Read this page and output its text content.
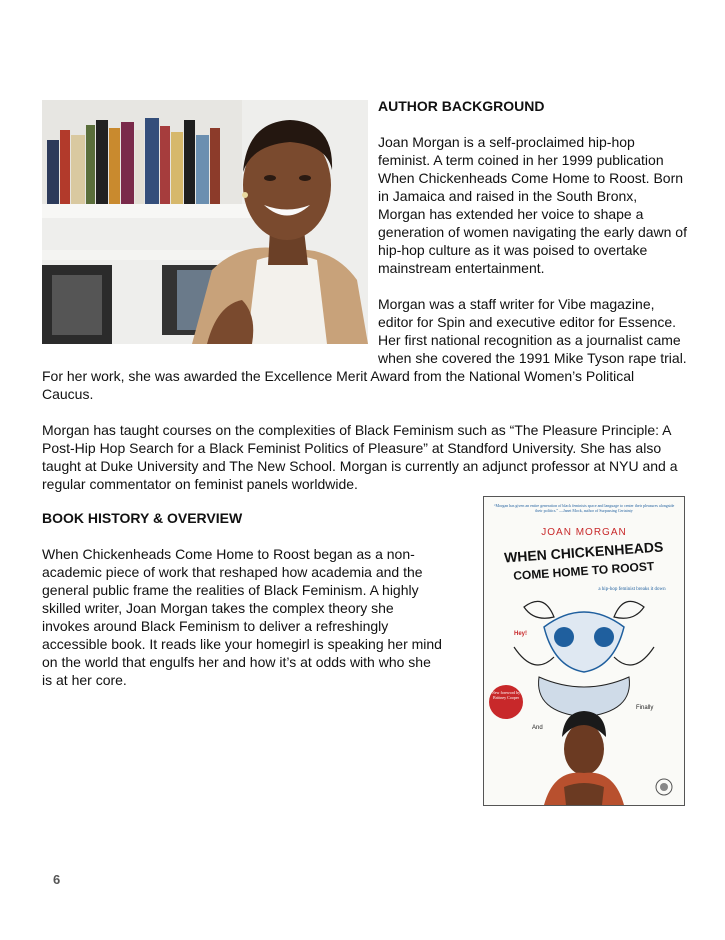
AUTHOR BACKGROUND

Joan Morgan is a self-proclaimed hip-hop feminist. A term coined in her 1999 publication When Chickenheads Come Home to Roost. Born in Jamaica and raised in the South Bronx, Morgan has extended her voice to shape a generation of women navigating the early dawn of hip-hop culture as it was poised to overtake mainstream entertainment.

Morgan was a staff writer for Vibe magazine, editor for Spin and executive editor for Essence. Her first national recognition as a journalist came when she covered the 1991 Mike Tyson rape trial. For her work, she was awarded the Excellence Merit Award from the National Women’s Political Caucus.

Morgan has taught courses on the complexities of Black Feminism such as “The Pleasure Principle: A Post-Hip Hop Search for a Black Feminist Politics of Pleasure” at Standford University. She has also taught at Duke University and The New School. Morgan is currently an adjunct professor at NYU and a regular commentator on feminist panels worldwide.

BOOK HISTORY & OVERVIEW

When Chickenheads Come Home to Roost began as a non-academic piece of work that reshaped how academia and the general public frame the realities of Black Feminism. A highly skilled writer, Joan Morgan takes the complex theory she invokes around Black Feminism to deliver a refreshingly accessible book. It reads like your homegirl is speaking her mind on the world that engulfs her and how it’s at odds with who she is at her core.

“Morgan has given an entire generation of black feminists space and language to center their pleasures alongside their politics.” —Janet Mock, author of Surpassing Certainty
JOAN MORGAN
WHEN CHICKENHEADS
COME HOME TO ROOST
a hip-hop feminist breaks it down
Hey!
Finally
And
New foreword by Brittney Cooper
6
